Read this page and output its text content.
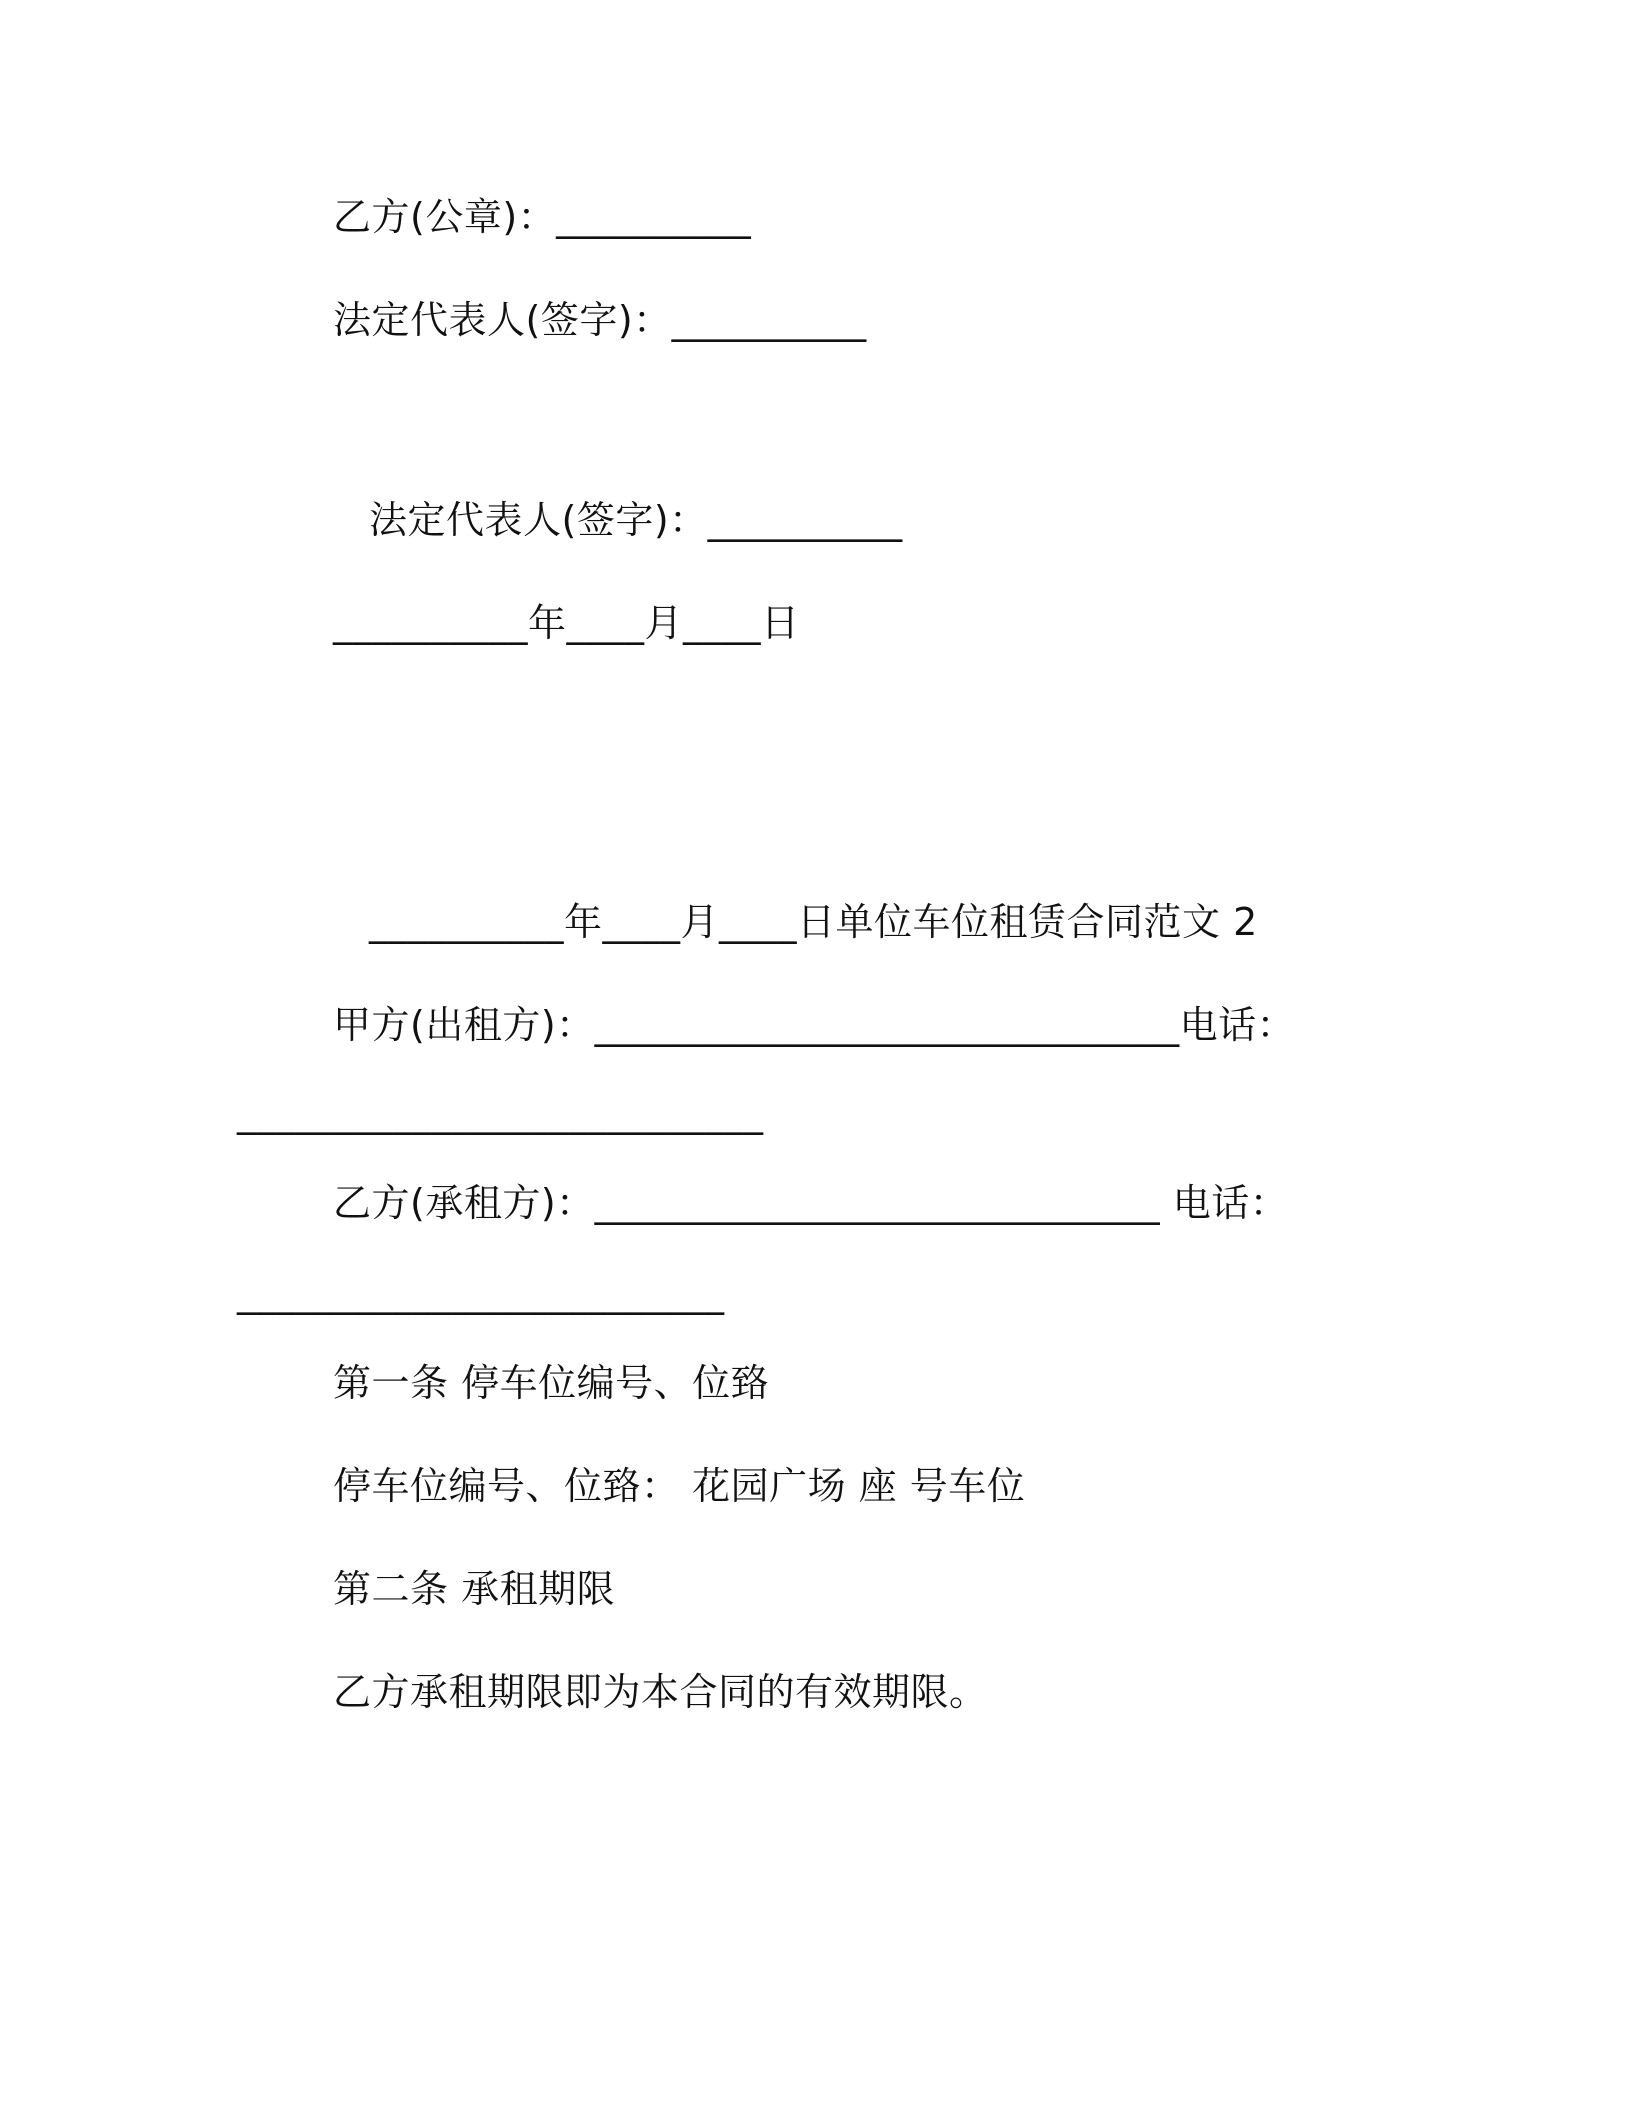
乙方(公章)：__________
法定代表人(签字)：__________
法定代表人(签字)：__________
__________年____月____日
__________年____月____日单位车位租赁合同范文 2
甲方(出租方)：______________________________电话：
___________________________
乙方(承租方)：_____________________________ 电话：
_________________________
第一条 停车位编号、位臵
停车位编号、位臵： 花园广场 座 号车位
第二条 承租期限
乙方承租期限即为本合同的有效期限。
